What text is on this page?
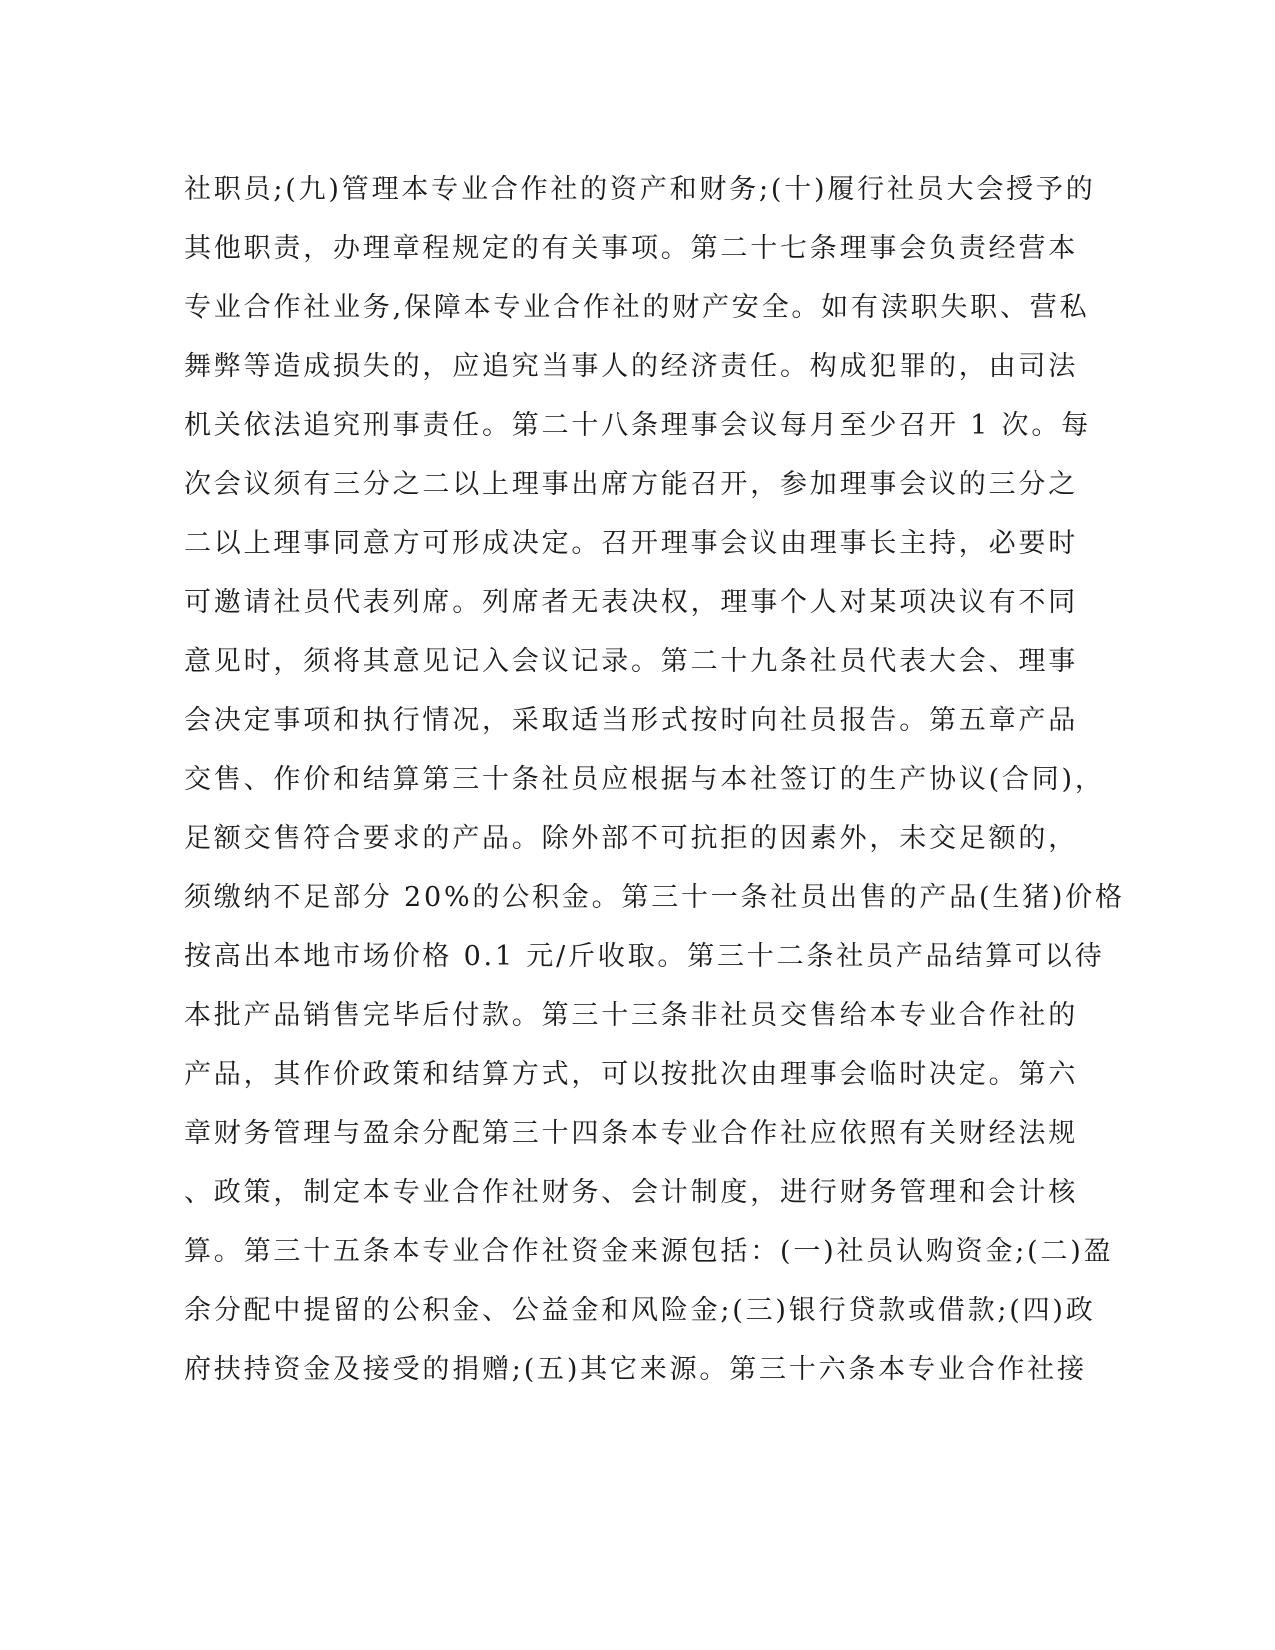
社职员;(九)管理本专业合作社的资产和财务;(十)履行社员大会授予的
其他职责，办理章程规定的有关事项。第二十七条理事会负责经营本
专业合作社业务,保障本专业合作社的财产安全。如有渎职失职、营私
舞弊等造成损失的，应追究当事人的经济责任。构成犯罪的，由司法
机关依法追究刑事责任。第二十八条理事会议每月至少召开 1 次。每
次会议须有三分之二以上理事出席方能召开，参加理事会议的三分之
二以上理事同意方可形成决定。召开理事会议由理事长主持，必要时
可邀请社员代表列席。列席者无表决权，理事个人对某项决议有不同
意见时，须将其意见记入会议记录。第二十九条社员代表大会、理事
会决定事项和执行情况，采取适当形式按时向社员报告。第五章产品
交售、作价和结算第三十条社员应根据与本社签订的生产协议(合同)，
足额交售符合要求的产品。除外部不可抗拒的因素外，未交足额的，
须缴纳不足部分 20%的公积金。第三十一条社员出售的产品(生猪)价格
按高出本地市场价格 0.1 元/斤收取。第三十二条社员产品结算可以待
本批产品销售完毕后付款。第三十三条非社员交售给本专业合作社的
产品，其作价政策和结算方式，可以按批次由理事会临时决定。第六
章财务管理与盈余分配第三十四条本专业合作社应依照有关财经法规
、政策，制定本专业合作社财务、会计制度，进行财务管理和会计核
算。第三十五条本专业合作社资金来源包括：(一)社员认购资金;(二)盈
余分配中提留的公积金、公益金和风险金;(三)银行贷款或借款;(四)政
府扶持资金及接受的捐赠;(五)其它来源。第三十六条本专业合作社接
